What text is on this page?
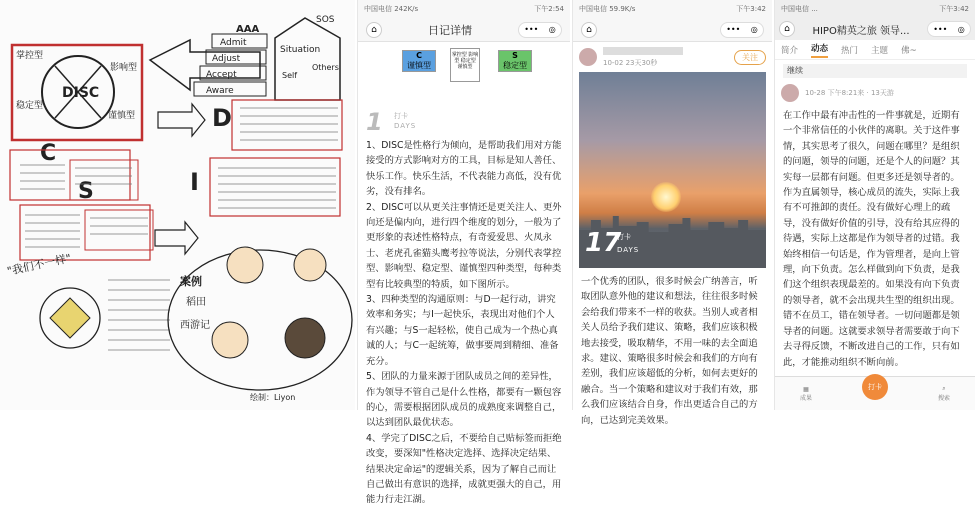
DISC
掌控型
影响型
稳定型
谨慎型
AAA
Admit
Adjust
Accept
Aware
Situation
SOS
Others
Self
C
S
D
I
"我们不一样"
案例
稻田
西游记
绘制：Liyon
中国电信 242K/s	下午2:54
⌂	日记详情	••• ◎
C
谨慎型
掌控型 影响型 稳定型 谨慎型
S
稳定型
1 打卡
DAYS

1、DISC是性格行为倾向，是帮助我们用对方能接受的方式影响对方的工具，目标是知人善任、快乐工作。快乐生活，不代表能力高低，没有优劣，没有排名。

2、DISC可以从更关注事情还是更关注人、更外向还是偏内向，进行四个维度的划分，一般为了更形象的表述性格特点，有奇爱爱思、火凤永士、老虎孔雀猫头鹰考拉等说法，分别代表掌控型、影响型、稳定型、谨慎型四种类型，每种类型有比较典型的特质，如下图所示。

3、四种类型的沟通原则：与D一起行动，讲究效率和务实；与I一起快乐，表现出对他们个人有兴趣；与S一起轻松，使自己成为一个热心真诚的人；与C一起统筹，做事要周到精细、准备充分。

5、团队的力量来源于团队成员之间的差异性，作为领导不管自己是什么性格，都要有一颗包容的心，需要根据团队成员的成熟度来调整自己，以达到团队最优状态。

4、学完了DISC之后，不要给自己贴标签而拒绝改变，要深知"性格决定选择、选择决定结果、结果决定命运"的逻辑关系，因为了解自己而让自己做出有意识的选择，成就更强大的自己，用能力行走江湖。

中国电信 59.9K/s	下午3:42
⌂	••• ◎
10-02 23天30秒
关注
17
打卡
DAYS

一个优秀的团队，很多时候会广纳善言，听取团队意外他的建议和想法，往往很多时候会给我们带来不一样的收获。当别人或者相关人员给予我们建议、策略，我们应该积极地去接受，吸取精华，不用一味的去全面追求。建议、策略很多时候会和我们的方向有差别，我们应该超低的分析，如何去更好的融合。当一个策略和建议对于我们有效，那么我们应该结合自身，作出更适合自己的方向，已达到完美效果。

中国电信 ...	下午3:42
⌂	HIPO精英之旅 领导...	••• ◎
简介 动态 热门 主题 佛~
继续
10-28 下午8:21来 · 13天游

在工作中最有冲击性的一件事就是，近期有一个非常信任的小伙伴的离职。关于这件事情，其实思考了很久，问题在哪里？是组织的问题，领导的问题，还是个人的问题？其实每一层都有问题。但更多还是领导者的。作为直属领导，核心成员的流失，实际上我有不可推卸的责任。没有做好心理上的疏导，没有做好价值的引导，没有给其应得的待遇，实际上这都是作为领导者的过错。我始终相信一句话是，作为管理者，是向上管理，向下负责。怎么样做到向下负责，是我们这个组织表现最差的。如果没有向下负责的领导者，就不会出现共生型的组织出现。错不在员工，错在领导者。一切问题都是领导者的问题。这就要求领导者需要敢于向下去寻得反馈，不断改进自己的工作，只有如此，才能推动组织不断向前。

▦
成果
打卡	⌕
搜索
